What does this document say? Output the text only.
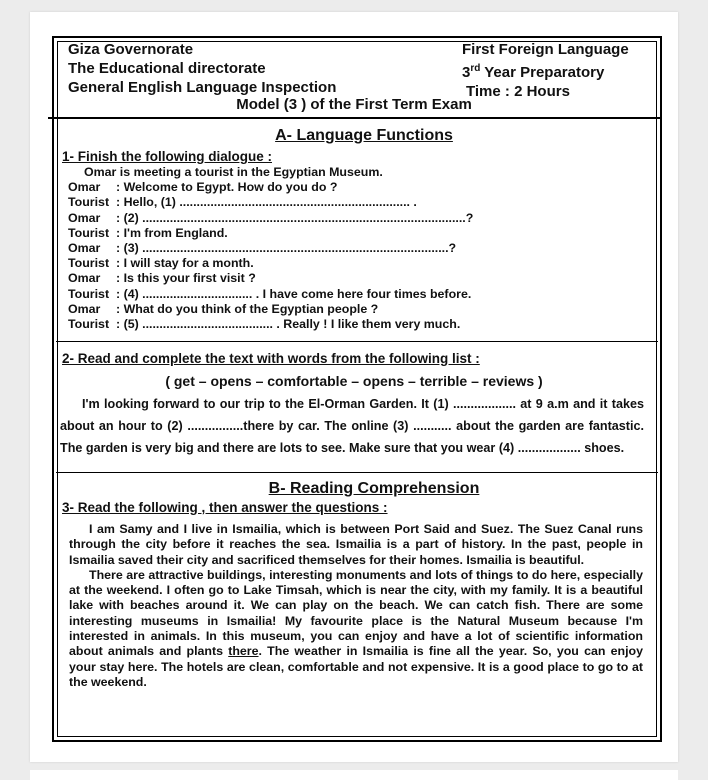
Giza Governorate
The Educational directorate
General English Language Inspection
First Foreign Language
3rd Year Preparatory
Time : 2 Hours
Model (3 ) of the First Term Exam
A- Language Functions
1- Finish the following dialogue :
Omar is meeting a tourist in the Egyptian Museum.
Omar	: Welcome to Egypt. How do you do ?
Tourist : Hello, (1) ................................................................... .
Omar	: (2) ..............................................................................................?
Tourist : I'm from England.
Omar	: (3) .........................................................................................?
Tourist : I will stay for a month.
Omar	: Is this your first visit ?
Tourist : (4) ................................ . I have come here four times before.
Omar	: What do you think of the Egyptian people ?
Tourist : (5) ...................................... . Really ! I like them very much.
2- Read and complete the text with words from the following list :
( get – opens – comfortable – opens – terrible – reviews )

I'm looking forward to our trip to the El-Orman Garden. It (1) .................. at 9 a.m and it takes about an hour to (2) ................there by car. The online (3) ........... about the garden are fantastic. The garden is very big and there are lots to see. Make sure that you wear (4) .................. shoes.

B- Reading Comprehension
3- Read the following , then answer the questions :

I am Samy and I live in Ismailia, which is between Port Said and Suez. The Suez Canal runs through the city before it reaches the sea. Ismailia is a part of history. In the past, people in Ismailia saved their city and sacrificed themselves for their homes. Ismailia is beautiful.

There are attractive buildings, interesting monuments and lots of things to do here, especially at the weekend. I often go to Lake Timsah, which is near the city, with my family. It is a beautiful lake with beaches around it. We can play on the beach. We can catch fish. There are some interesting museums in Ismailia! My favourite place is the Natural Museum because I'm interested in animals. In this museum, you can enjoy and have a lot of scientific information about animals and plants there. The weather in Ismailia is fine all the year. So, you can enjoy your stay here. The hotels are clean, comfortable and not expensive. It is a good place to go to at the weekend.
